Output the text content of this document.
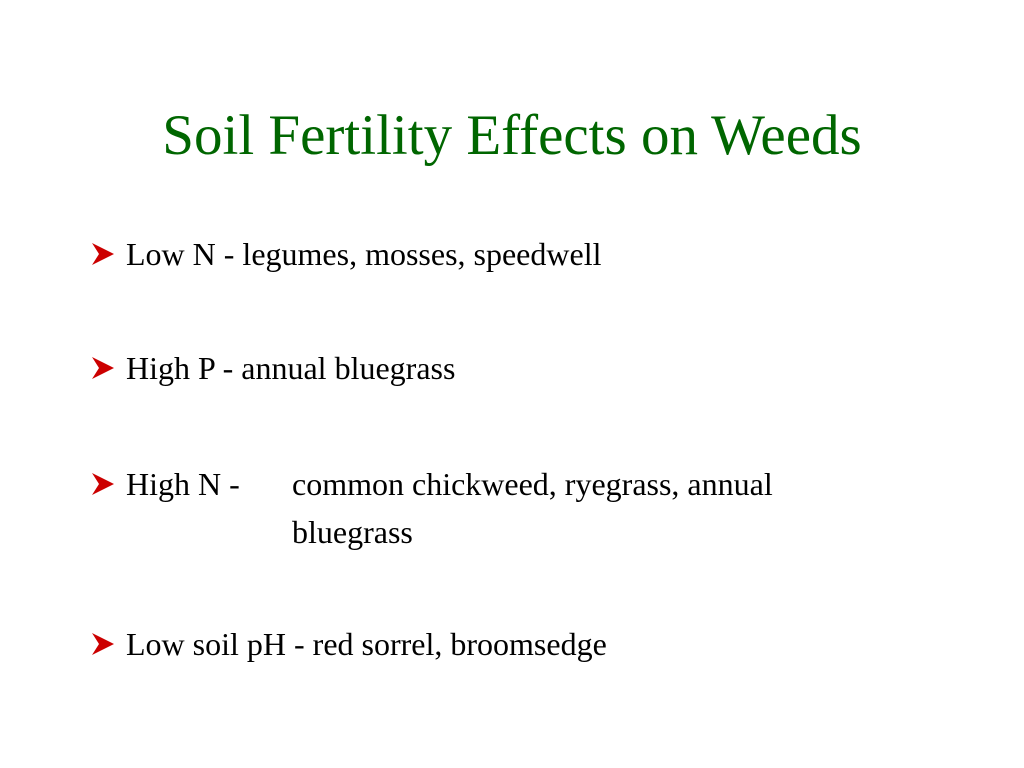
Soil Fertility Effects on Weeds
Low N - legumes, mosses, speedwell
High P - annual bluegrass
High N - common chickweed, ryegrass, annual
bluegrass
Low soil pH - red sorrel, broomsedge
